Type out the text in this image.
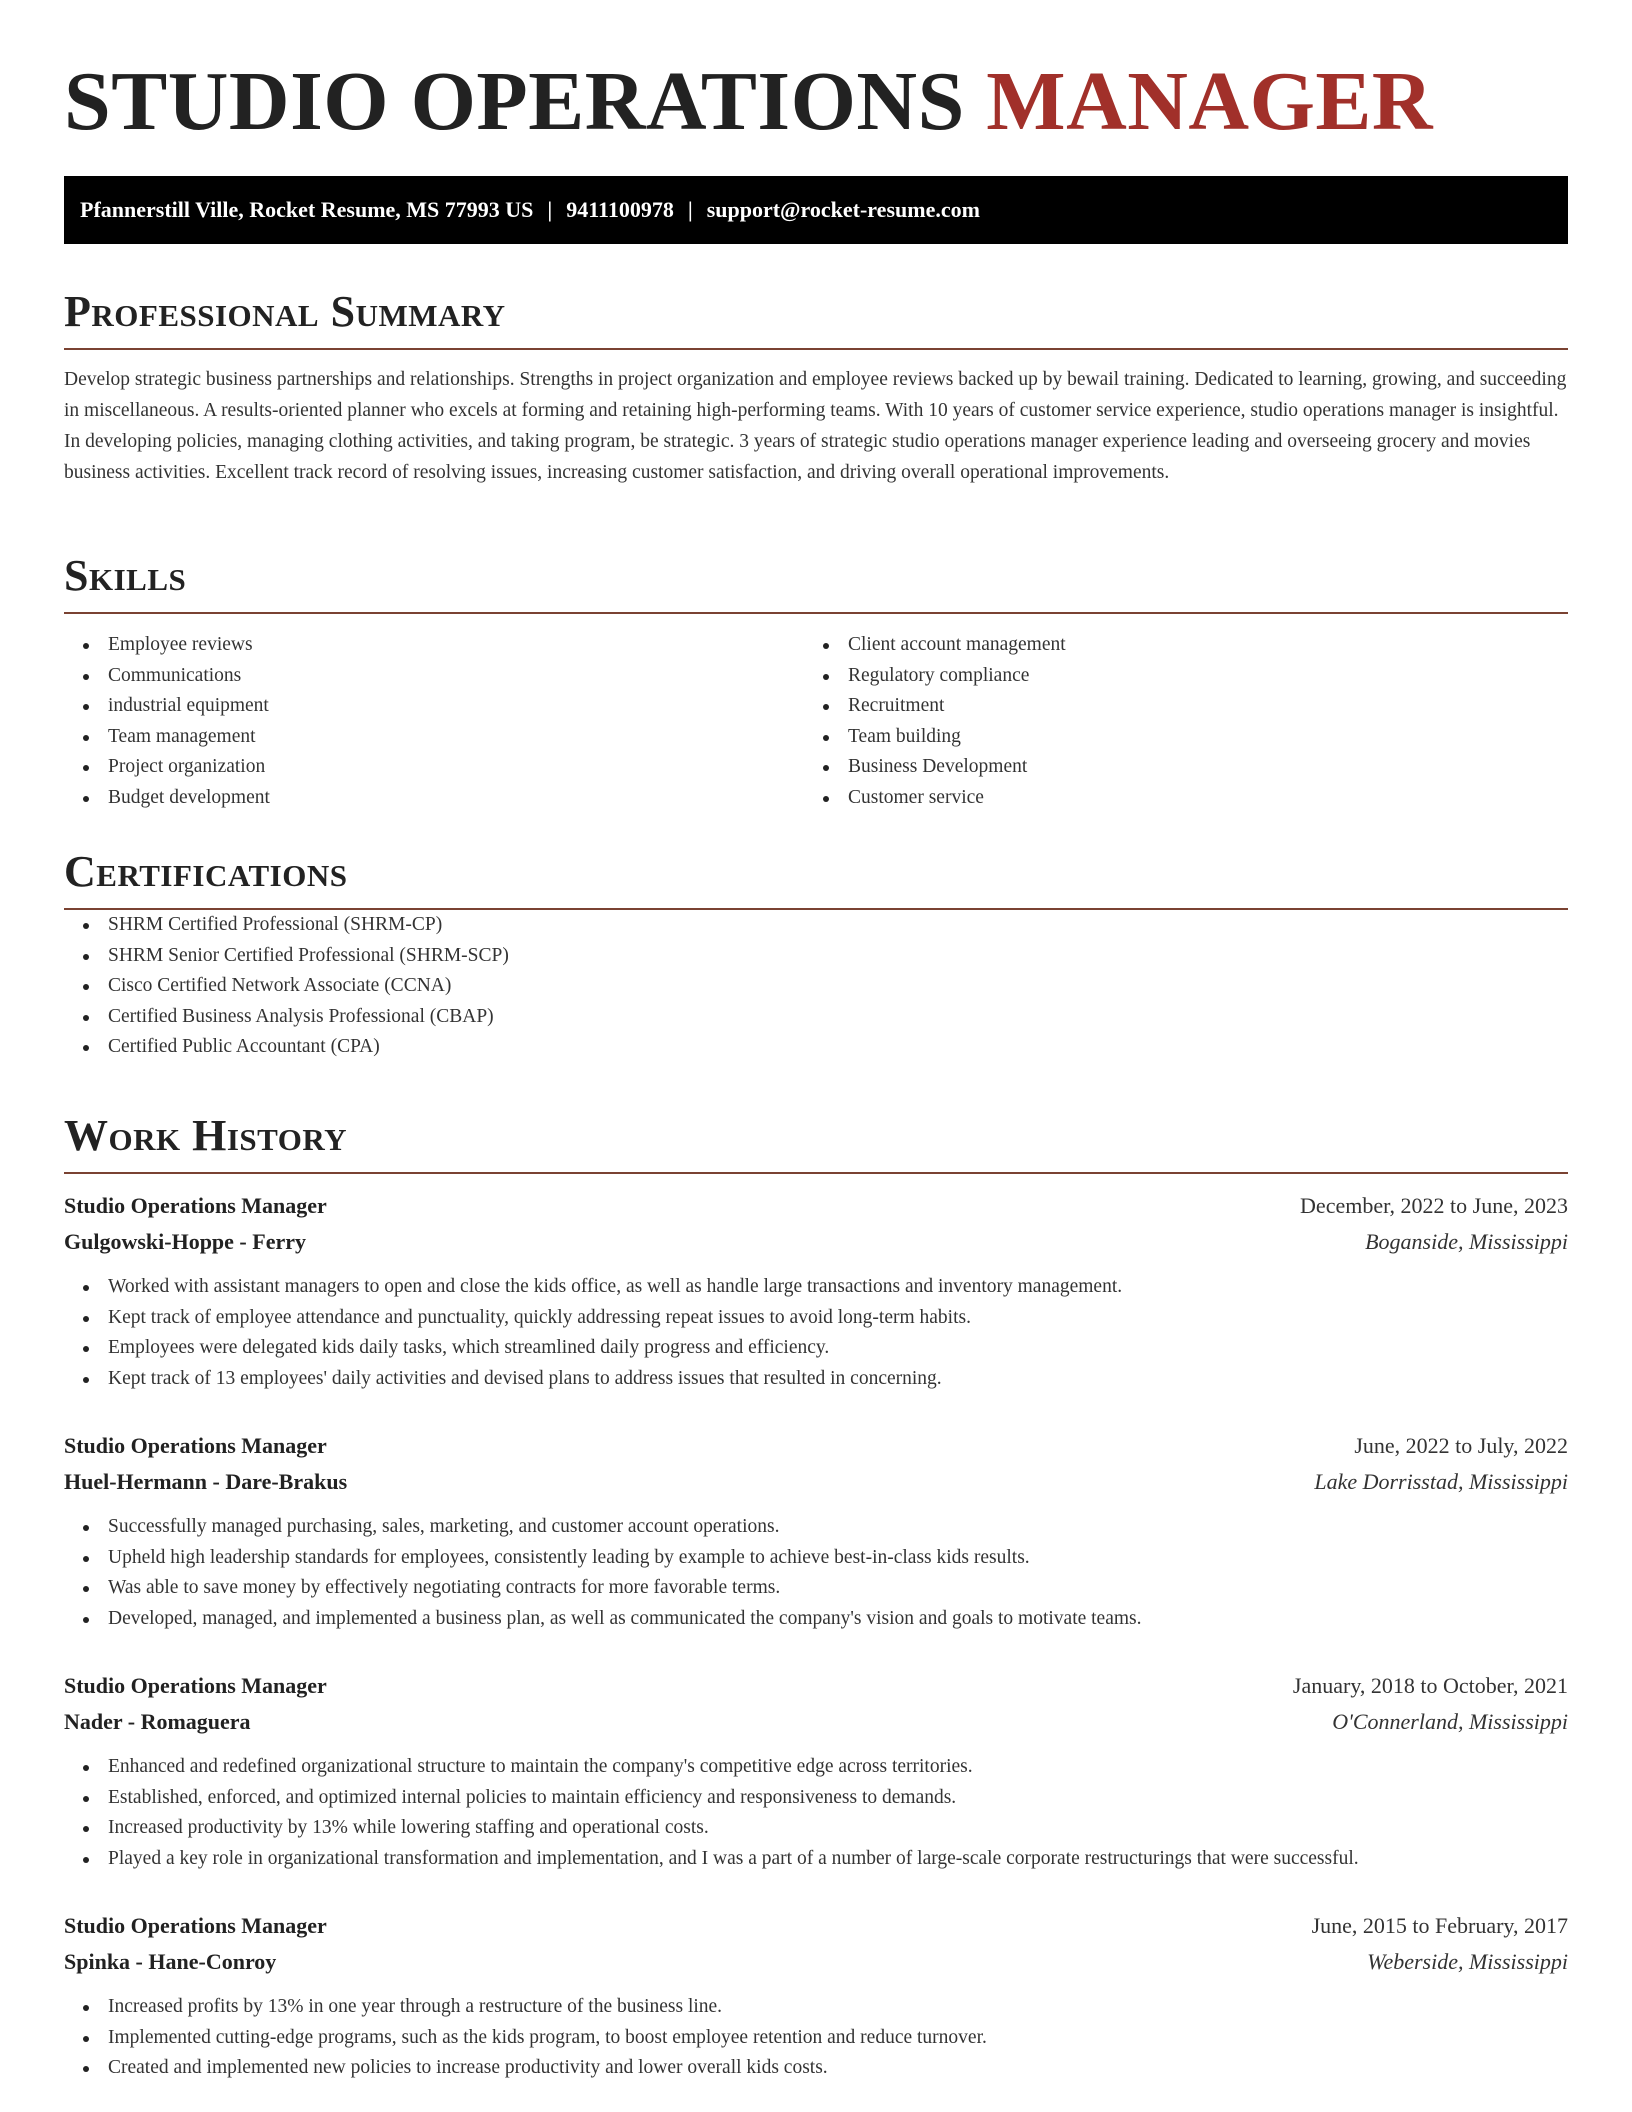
STUDIO OPERATIONS MANAGER
Pfannerstill Ville, Rocket Resume, MS 77993 US | 9411100978 | support@rocket-resume.com
Professional Summary

Develop strategic business partnerships and relationships. Strengths in project organization and employee reviews backed up by bewail training. Dedicated to learning, growing, and succeeding in miscellaneous. A results-oriented planner who excels at forming and retaining high-performing teams. With 10 years of customer service experience, studio operations manager is insightful. In developing policies, managing clothing activities, and taking program, be strategic. 3 years of strategic studio operations manager experience leading and overseeing grocery and movies business activities. Excellent track record of resolving issues, increasing customer satisfaction, and driving overall operational improvements.

Skills
Employee reviews
Communications
industrial equipment
Team management
Project organization
Budget development
Client account management
Regulatory compliance
Recruitment
Team building
Business Development
Customer service
Certifications
SHRM Certified Professional (SHRM-CP)
SHRM Senior Certified Professional (SHRM-SCP)
Cisco Certified Network Associate (CCNA)
Certified Business Analysis Professional (CBAP)
Certified Public Accountant (CPA)
Work History
Studio Operations Manager	December, 2022 to June, 2023
Gulgowski-Hoppe - Ferry	Boganside, Mississippi
Worked with assistant managers to open and close the kids office, as well as handle large transactions and inventory management.
Kept track of employee attendance and punctuality, quickly addressing repeat issues to avoid long-term habits.
Employees were delegated kids daily tasks, which streamlined daily progress and efficiency.
Kept track of 13 employees' daily activities and devised plans to address issues that resulted in concerning.
Studio Operations Manager	June, 2022 to July, 2022
Huel-Hermann - Dare-Brakus	Lake Dorrisstad, Mississippi
Successfully managed purchasing, sales, marketing, and customer account operations.
Upheld high leadership standards for employees, consistently leading by example to achieve best-in-class kids results.
Was able to save money by effectively negotiating contracts for more favorable terms.
Developed, managed, and implemented a business plan, as well as communicated the company's vision and goals to motivate teams.
Studio Operations Manager	January, 2018 to October, 2021
Nader - Romaguera	O'Connerland, Mississippi
Enhanced and redefined organizational structure to maintain the company's competitive edge across territories.
Established, enforced, and optimized internal policies to maintain efficiency and responsiveness to demands.
Increased productivity by 13% while lowering staffing and operational costs.
Played a key role in organizational transformation and implementation, and I was a part of a number of large-scale corporate restructurings that were successful.
Studio Operations Manager	June, 2015 to February, 2017
Spinka - Hane-Conroy	Weberside, Mississippi
Increased profits by 13% in one year through a restructure of the business line.
Implemented cutting-edge programs, such as the kids program, to boost employee retention and reduce turnover.
Created and implemented new policies to increase productivity and lower overall kids costs.
